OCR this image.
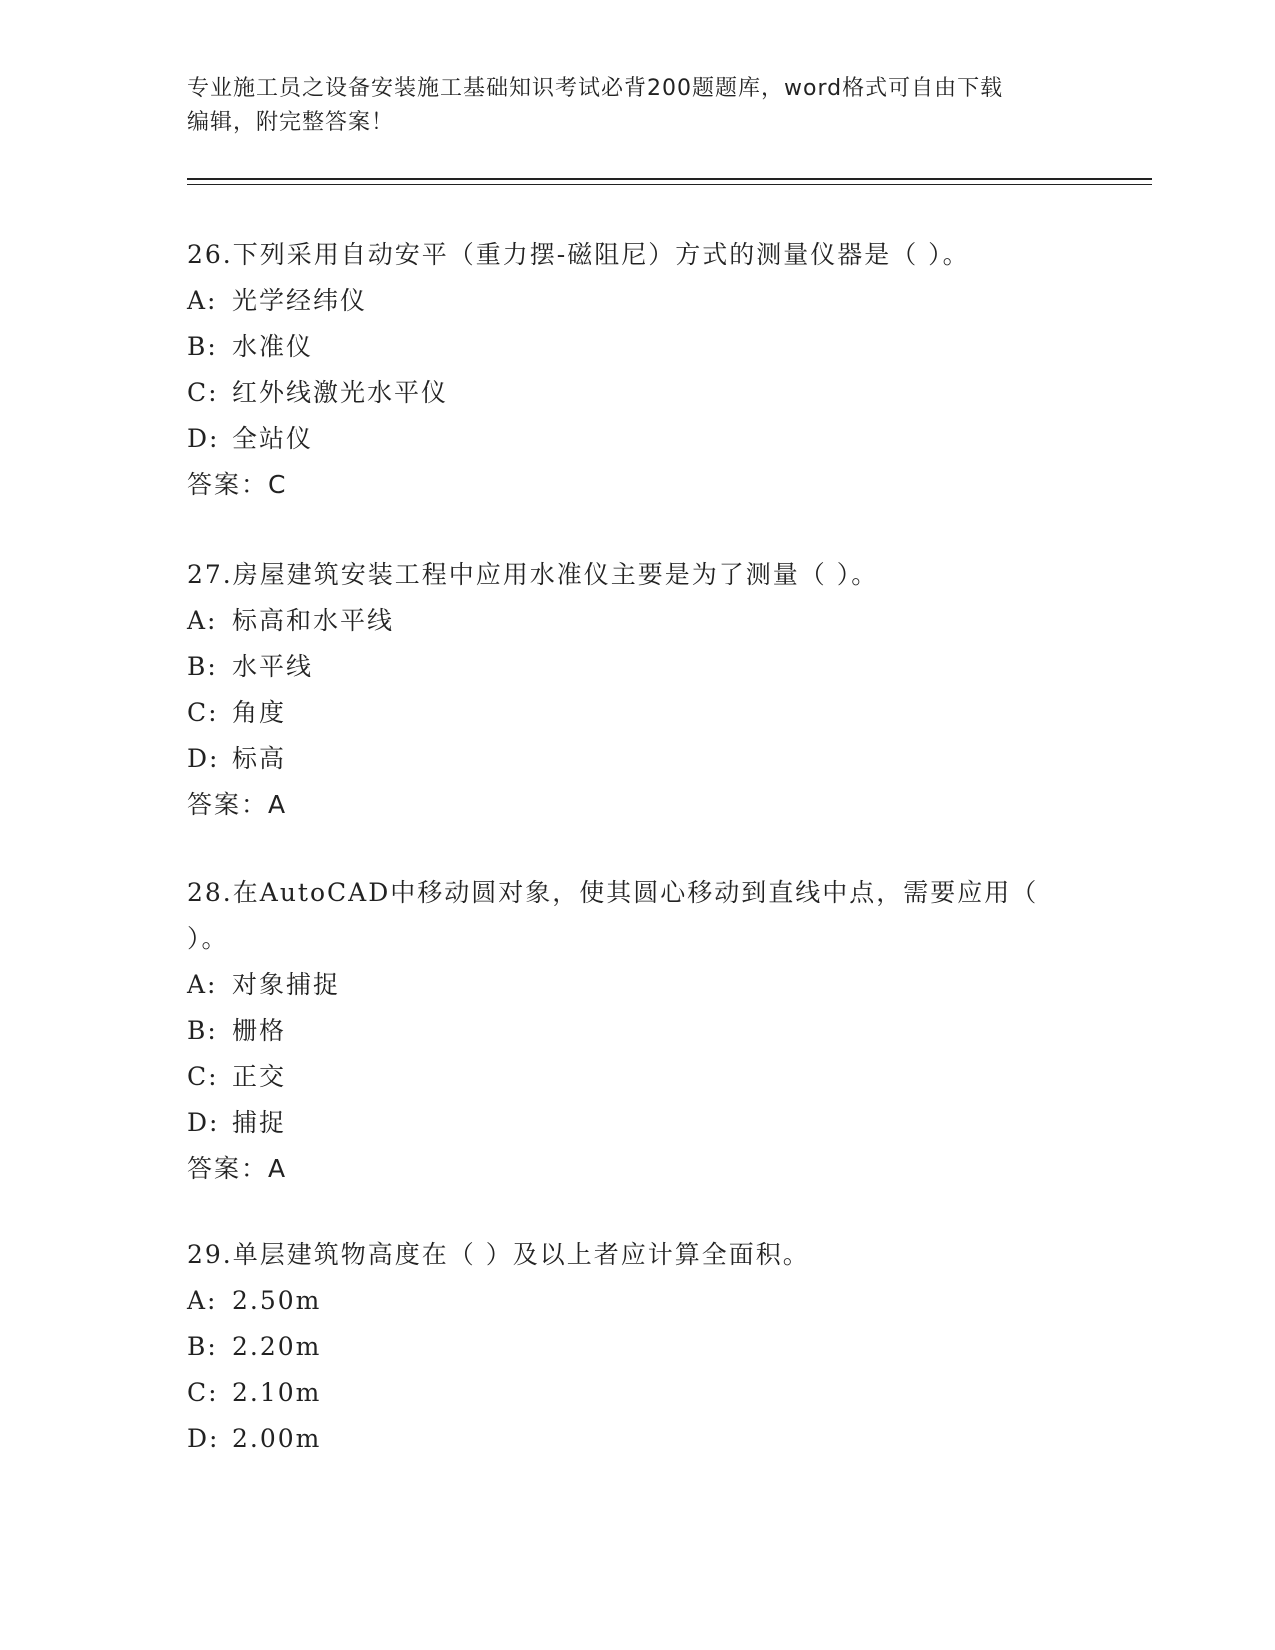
专业施工员之设备安装施工基础知识考试必背200题题库，word格式可自由下载
编辑，附完整答案！

26.下列采用自动安平（重力摆-磁阻尼）方式的测量仪器是（ ）。

A: 光学经纬仪

B: 水准仪

C: 红外线激光水平仪

D: 全站仪

答案：C

27.房屋建筑安装工程中应用水准仪主要是为了测量（ ）。

A: 标高和水平线

B: 水平线

C: 角度

D: 标高

答案：A

28.在AutoCAD中移动圆对象，使其圆心移动到直线中点，需要应用（ ）。

A: 对象捕捉

B: 栅格

C: 正交

D: 捕捉

答案：A

29.单层建筑物高度在（ ）及以上者应计算全面积。

A: 2.50m

B: 2.20m

C: 2.10m

D: 2.00m
